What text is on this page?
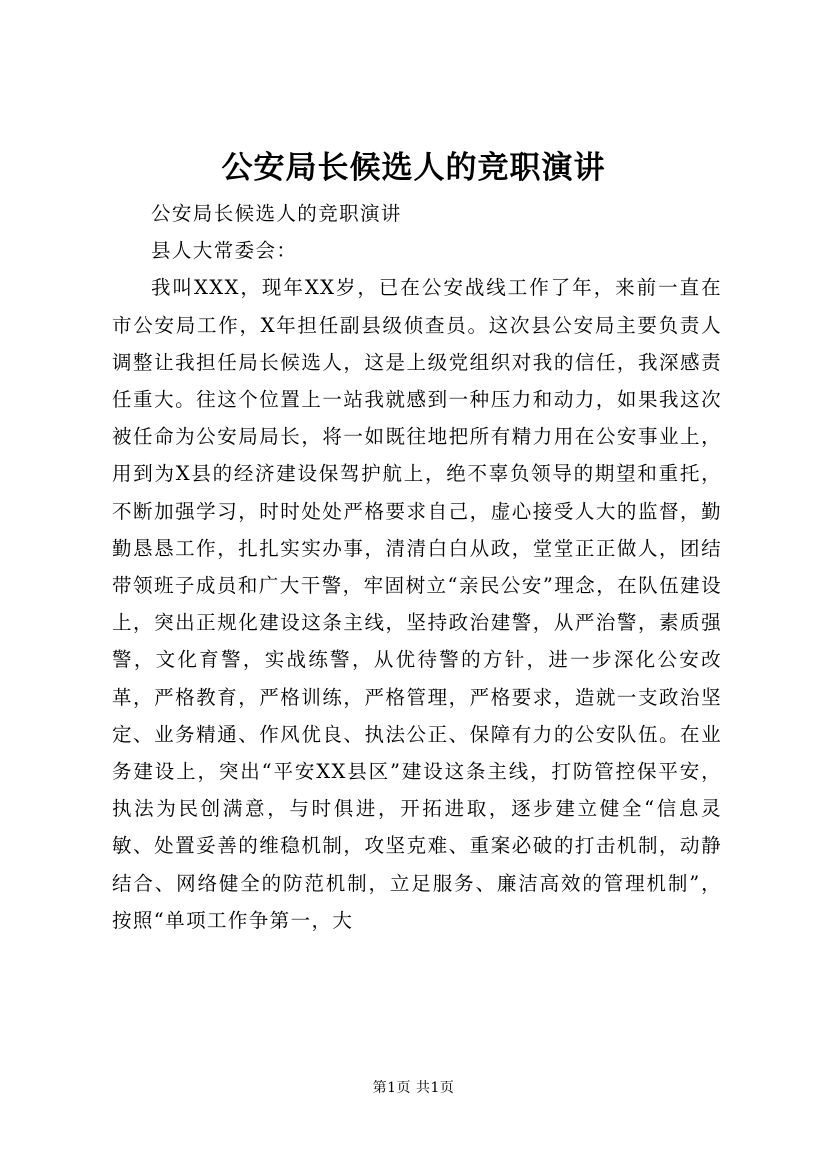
公安局长候选人的竞职演讲

公安局长候选人的竞职演讲

县人大常委会：

我叫XXX，现年XX岁，已在公安战线工作了年，来前一直在市公安局工作，X年担任副县级侦查员。这次县公安局主要负责人调整让我担任局长候选人，这是上级党组织对我的信任，我深感责任重大。往这个位置上一站我就感到一种压力和动力，如果我这次被任命为公安局局长，将一如既往地把所有精力用在公安事业上，用到为X县的经济建设保驾护航上，绝不辜负领导的期望和重托，不断加强学习，时时处处严格要求自己，虚心接受人大的监督，勤勤恳恳工作，扎扎实实办事，清清白白从政，堂堂正正做人，团结带领班子成员和广大干警，牢固树立“亲民公安”理念，在队伍建设上，突出正规化建设这条主线，坚持政治建警，从严治警，素质强警，文化育警，实战练警，从优待警的方针，进一步深化公安改革，严格教育，严格训练，严格管理，严格要求，造就一支政治坚定、业务精通、作风优良、执法公正、保障有力的公安队伍。在业务建设上，突出“平安XX县区”建设这条主线，打防管控保平安，执法为民创满意，与时俱进，开拓进取，逐步建立健全“信息灵敏、处置妥善的维稳机制，攻坚克难、重案必破的打击机制，动静结合、网络健全的防范机制，立足服务、廉洁高效的管理机制”，按照“单项工作争第一，大

第1页 共1页
